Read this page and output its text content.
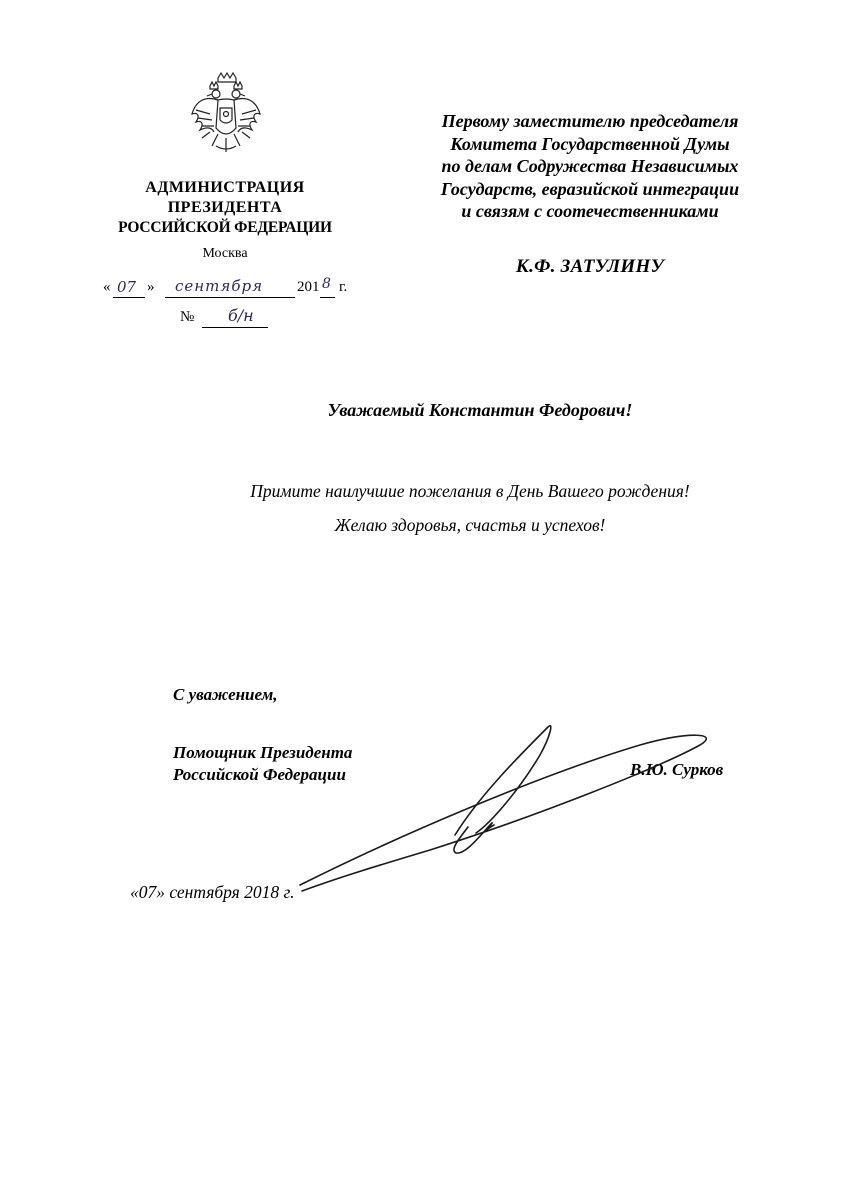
АДМИНИСТРАЦИЯ
ПРЕЗИДЕНТА
РОССИЙСКОЙ ФЕДЕРАЦИИ
Москва
« 07 » сентября 201 8 г.
№ б/н
Первому заместителю председателя
Комитета Государственной Думы
по делам Содружества Независимых
Государств, евразийской интеграции
и связям с соотечественниками
К.Ф. ЗАТУЛИНУ
Уважаемый Константин Федорович!
Примите наилучшие пожелания в День Вашего рождения!
Желаю здоровья, счастья и успехов!
С уважением,
Помощник Президента
Российской Федерации	В.Ю. Сурков
«07» сентября 2018 г.
